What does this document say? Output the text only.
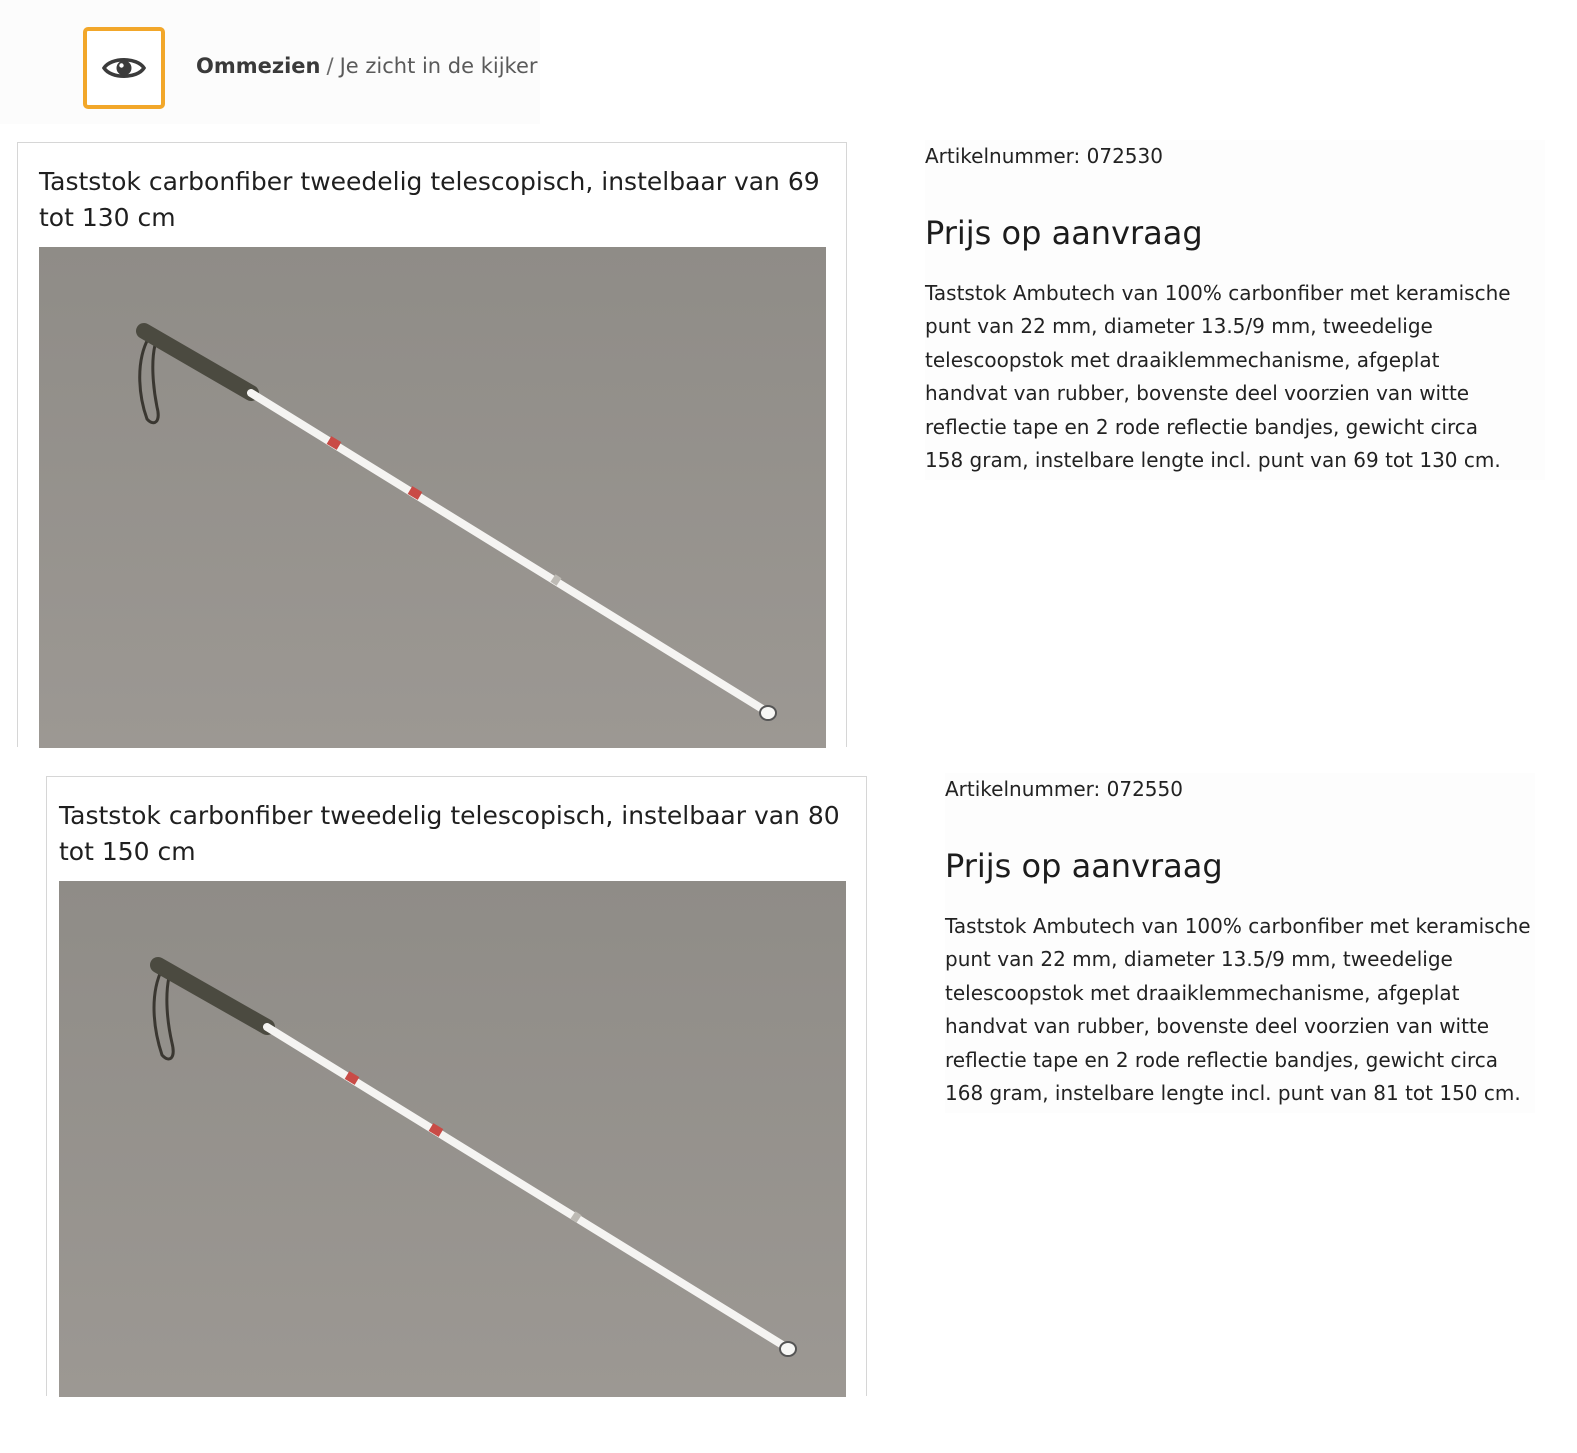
Ommezien / Je zicht in de kijker
Taststok carbonfiber tweedelig telescopisch, instelbaar van 69 tot 130 cm
Artikelnummer: 072530
Prijs op aanvraag

Taststok Ambutech van 100% carbonfiber met keramische punt van 22 mm, diameter 13.5/9 mm, tweedelige telescoopstok met draaiklemmechanisme, afgeplat handvat van rubber, bovenste deel voorzien van witte reflectie tape en 2 rode reflectie bandjes, gewicht circa 158 gram, instelbare lengte incl. punt van 69 tot 130 cm.

Taststok carbonfiber tweedelig telescopisch, instelbaar van 80 tot 150 cm
Artikelnummer: 072550
Prijs op aanvraag

Taststok Ambutech van 100% carbonfiber met keramische punt van 22 mm, diameter 13.5/9 mm, tweedelige telescoopstok met draaiklemmechanisme, afgeplat handvat van rubber, bovenste deel voorzien van witte reflectie tape en 2 rode reflectie bandjes, gewicht circa 168 gram, instelbare lengte incl. punt van 81 tot 150 cm.
